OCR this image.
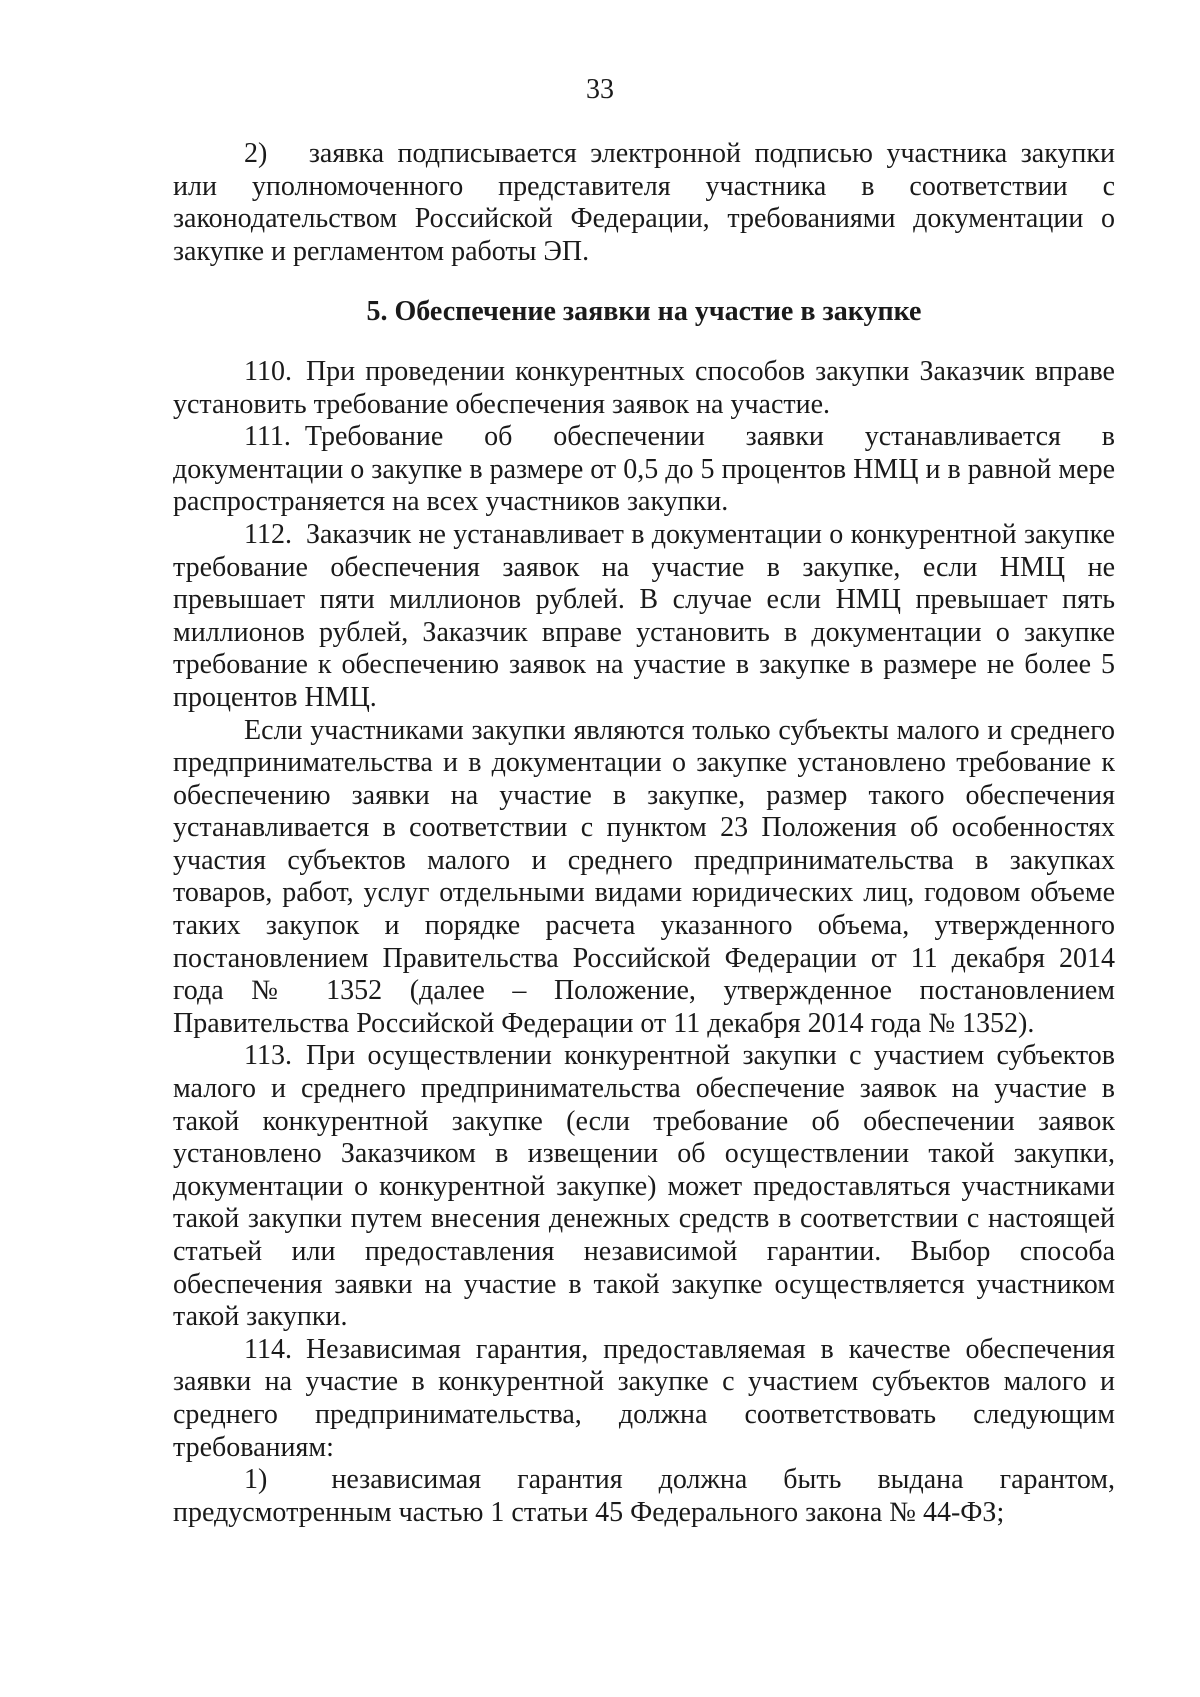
33

2)  заявка подписывается электронной подписью участника закупки или уполномоченного представителя участника в соответствии с законодательством Российской Федерации, требованиями документации о закупке и регламентом работы ЭП.

5. Обеспечение заявки на участие в закупке

110. При проведении конкурентных способов закупки Заказчик вправе установить требование обеспечения заявок на участие.

111. Требование об обеспечении заявки устанавливается в документации о закупке в размере от 0,5 до 5 процентов НМЦ и в равной мере распространяется на всех участников закупки.

112. Заказчик не устанавливает в документации о конкурентной закупке требование обеспечения заявок на участие в закупке, если НМЦ не превышает пяти миллионов рублей. В случае если НМЦ превышает пять миллионов рублей, Заказчик вправе установить в документации о закупке требование к обеспечению заявок на участие в закупке в размере не более 5 процентов НМЦ.

Если участниками закупки являются только субъекты малого и среднего предпринимательства и в документации о закупке установлено требование к обеспечению заявки на участие в закупке, размер такого обеспечения устанавливается в соответствии с пунктом 23 Положения об особенностях участия субъектов малого и среднего предпринимательства в закупках товаров, работ, услуг отдельными видами юридических лиц, годовом объеме таких закупок и порядке расчета указанного объема, утвержденного постановлением Правительства Российской Федерации от 11 декабря 2014 года № 1352 (далее – Положение, утвержденное постановлением Правительства Российской Федерации от 11 декабря 2014 года № 1352).

113. При осуществлении конкурентной закупки с участием субъектов малого и среднего предпринимательства обеспечение заявок на участие в такой конкурентной закупке (если требование об обеспечении заявок установлено Заказчиком в извещении об осуществлении такой закупки, документации о конкурентной закупке) может предоставляться участниками такой закупки путем внесения денежных средств в соответствии с настоящей статьей или предоставления независимой гарантии. Выбор способа обеспечения заявки на участие в такой закупке осуществляется участником такой закупки.

114. Независимая гарантия, предоставляемая в качестве обеспечения заявки на участие в конкурентной закупке с участием субъектов малого и среднего предпринимательства, должна соответствовать следующим требованиям:

1)  независимая гарантия должна быть выдана гарантом, предусмотренным частью 1 статьи 45 Федерального закона № 44-ФЗ;
